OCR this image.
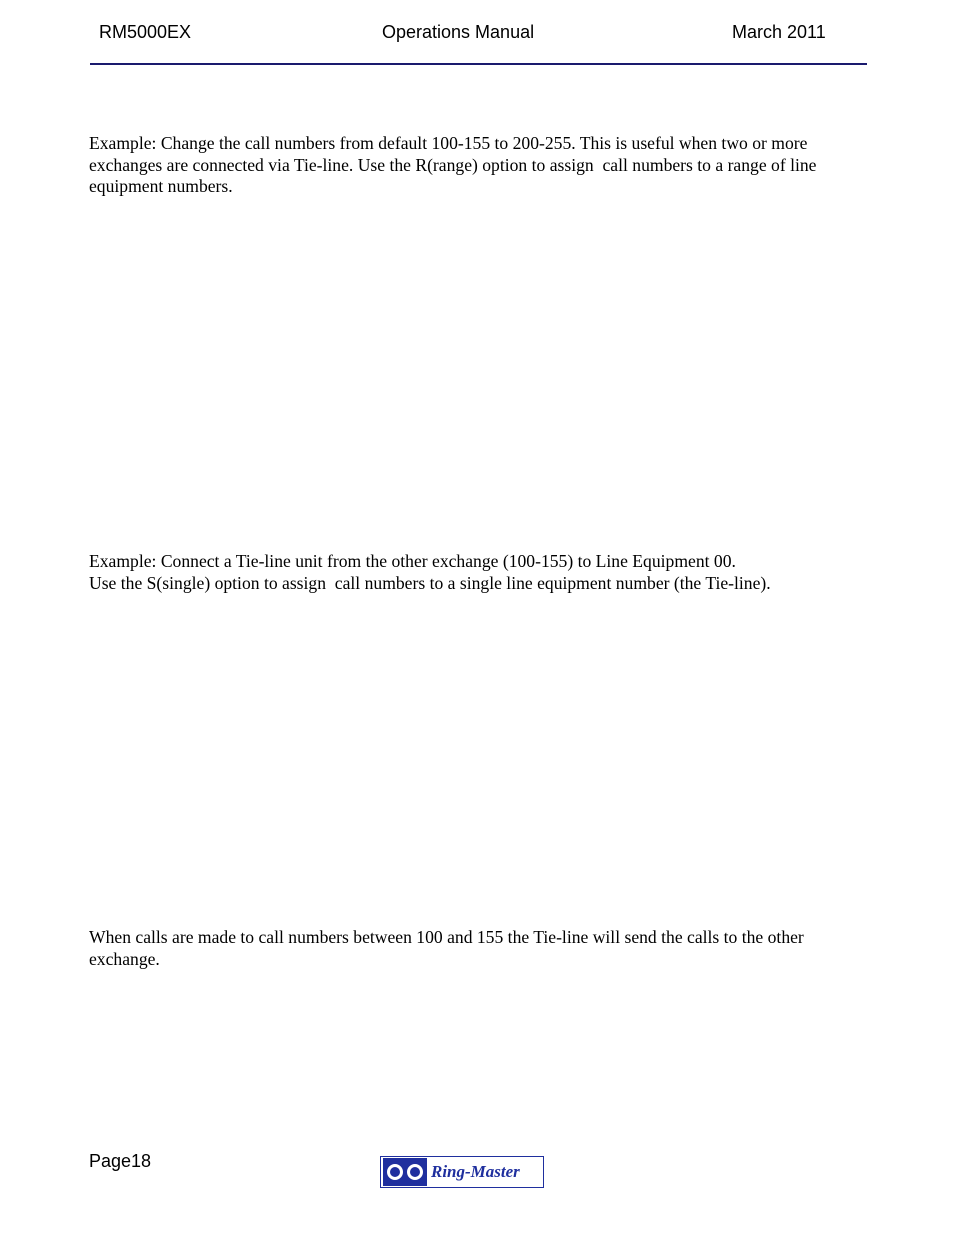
RM5000EX	Operations Manual	March 2011
Example: Change the call numbers from default 100-155 to 200-255. This is useful when two or more
exchanges are connected via Tie-line. Use the R(range) option to assign  call numbers to a range of line
equipment numbers.
Example: Connect a Tie-line unit from the other exchange (100-155) to Line Equipment 00.
Use the S(single) option to assign  call numbers to a single line equipment number (the Tie-line).
When calls are made to call numbers between 100 and 155 the Tie-line will send the calls to the other
exchange.
Page18
Ring-Master
